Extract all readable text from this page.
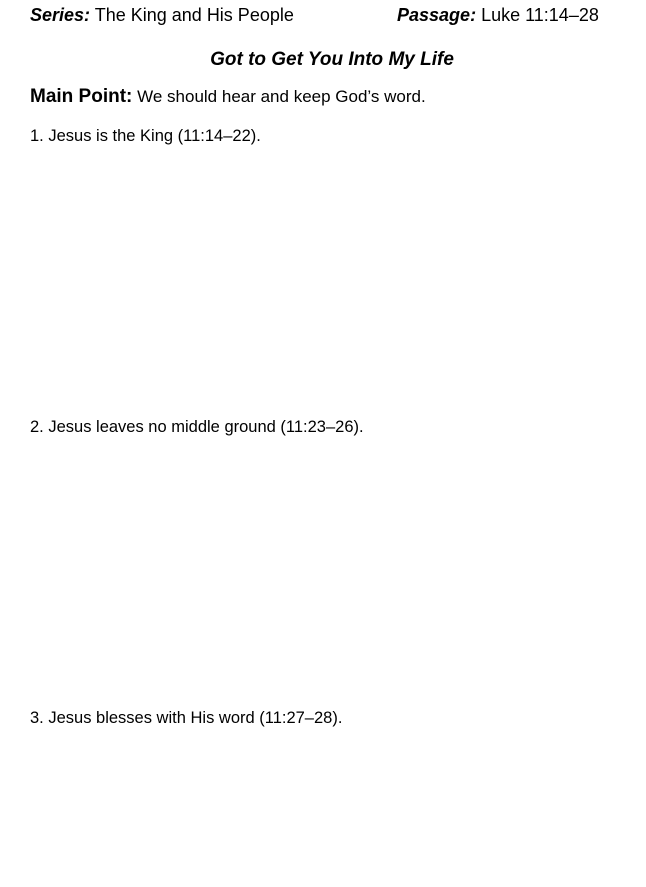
Series: The King and His People	Passage: Luke 11:14–28
Got to Get You Into My Life
Main Point: We should hear and keep God’s word.
1. Jesus is the King (11:14–22).
2. Jesus leaves no middle ground (11:23–26).
3. Jesus blesses with His word (11:27–28).
